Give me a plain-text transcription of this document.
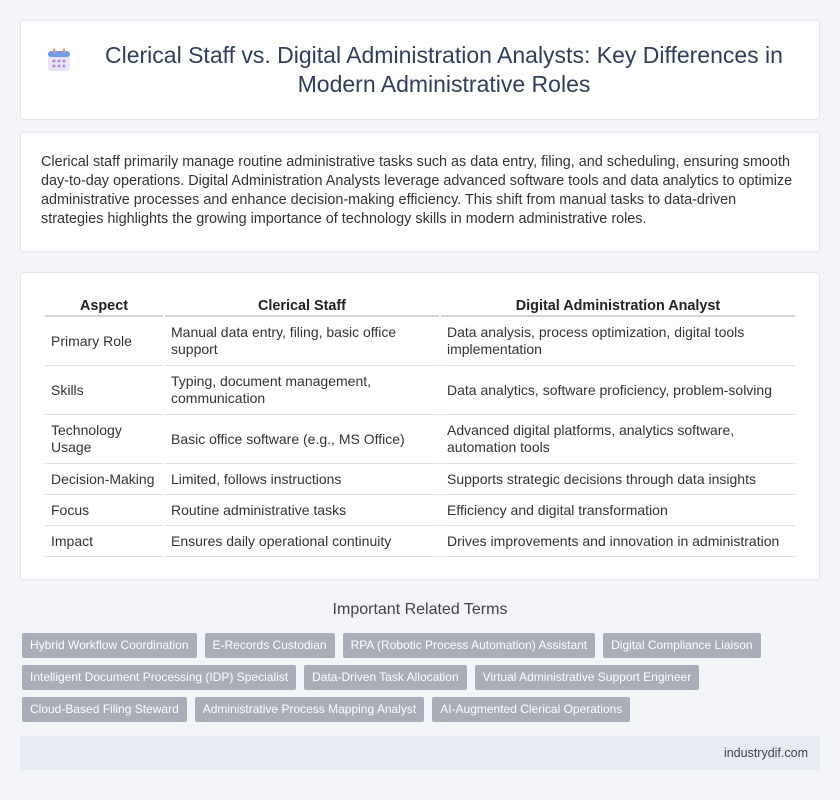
Clerical Staff vs. Digital Administration Analysts: Key Differences in Modern Administrative Roles

Clerical staff primarily manage routine administrative tasks such as data entry, filing, and scheduling, ensuring smooth day-to-day operations. Digital Administration Analysts leverage advanced software tools and data analytics to optimize administrative processes and enhance decision-making efficiency. This shift from manual tasks to data-driven strategies highlights the growing importance of technology skills in modern administrative roles.

Aspect	Clerical Staff	Digital Administration Analyst
Primary Role	Manual data entry, filing, basic office support	Data analysis, process optimization, digital tools implementation
Skills	Typing, document management, communication	Data analytics, software proficiency, problem-solving
Technology Usage	Basic office software (e.g., MS Office)	Advanced digital platforms, analytics software, automation tools
Decision-Making	Limited, follows instructions	Supports strategic decisions through data insights
Focus	Routine administrative tasks	Efficiency and digital transformation
Impact	Ensures daily operational continuity	Drives improvements and innovation in administration
Important Related Terms
Hybrid Workflow Coordination	E-Records Custodian	RPA (Robotic Process Automation) Assistant	Digital Compliance Liaison
Intelligent Document Processing (IDP) Specialist	Data-Driven Task Allocation	Virtual Administrative Support Engineer
Cloud-Based Filing Steward	Administrative Process Mapping Analyst	AI-Augmented Clerical Operations
industrydif.com
